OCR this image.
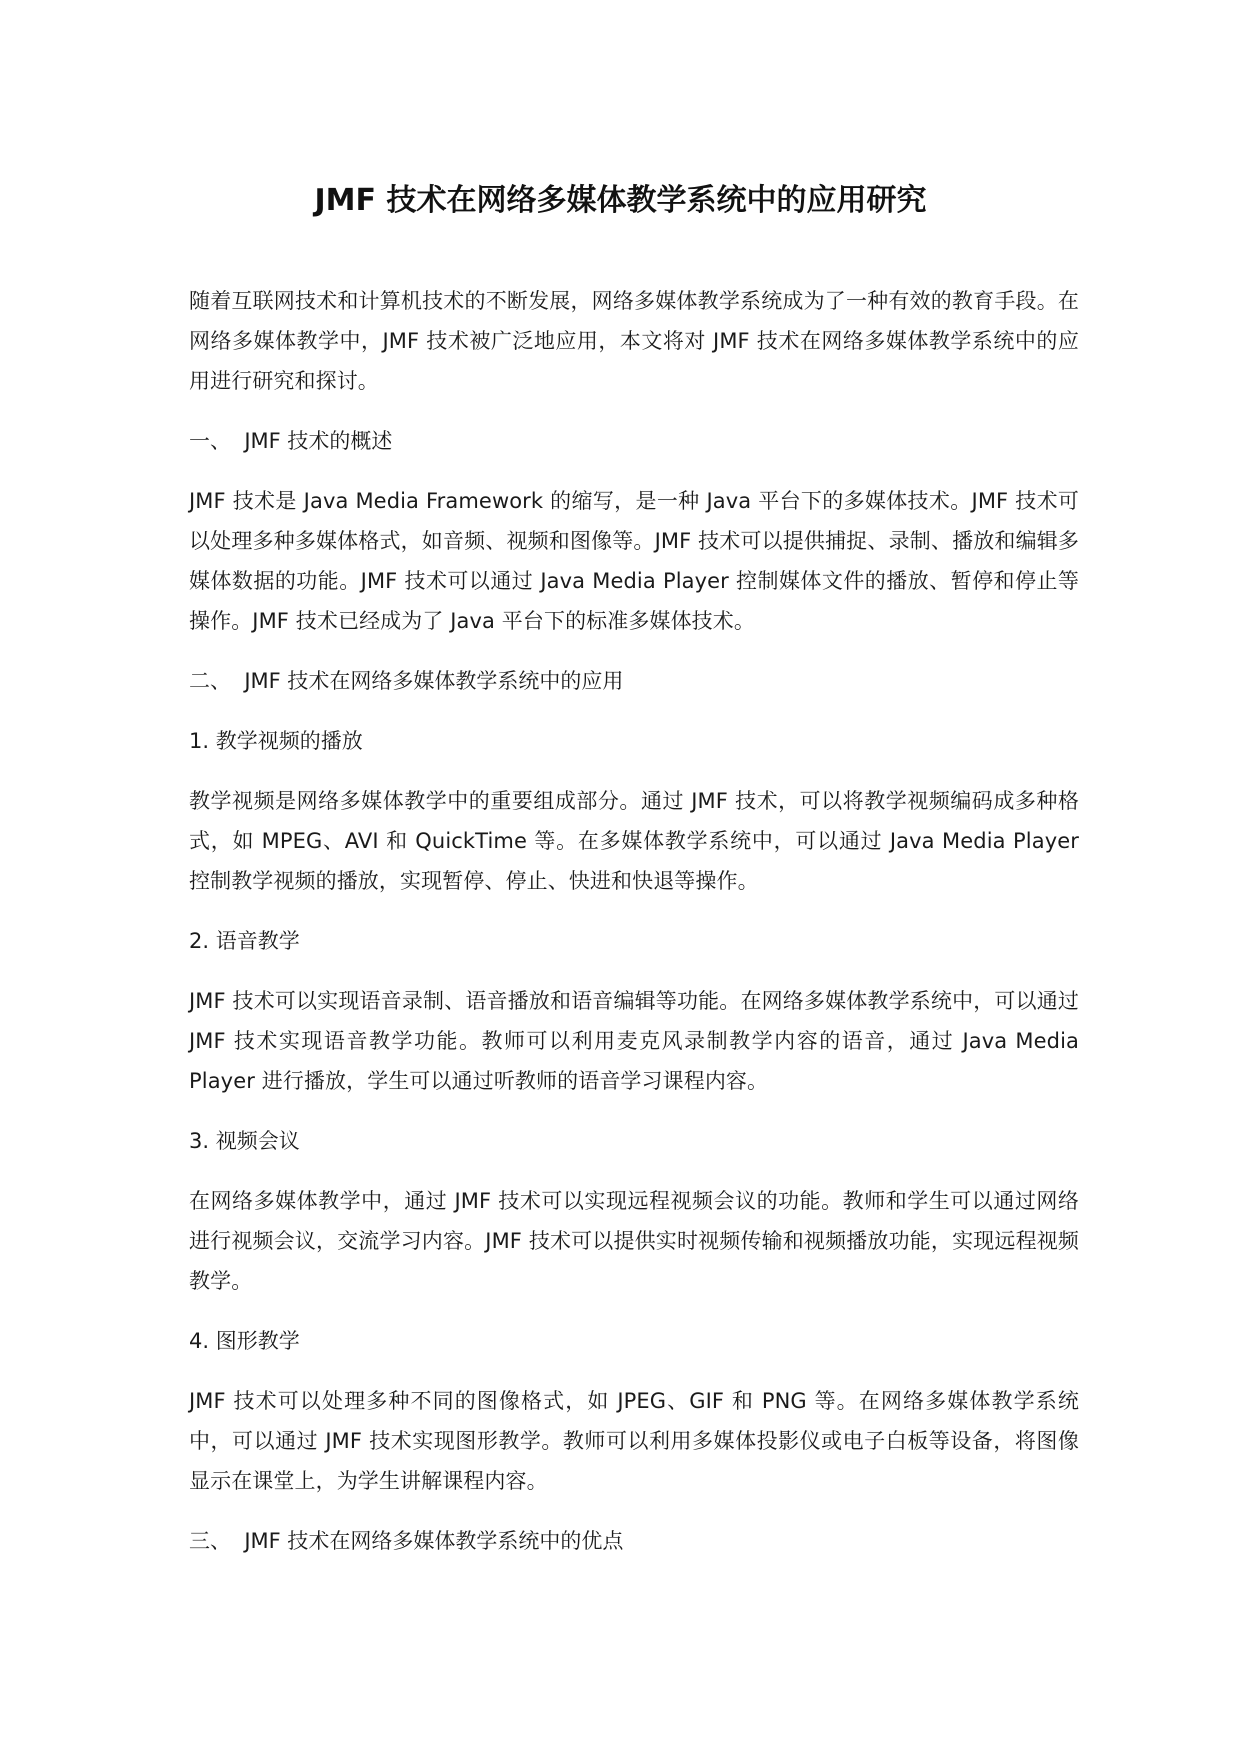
JMF 技术在网络多媒体教学系统中的应用研究

随着互联网技术和计算机技术的不断发展，网络多媒体教学系统成为了一种有效的教育手段。在网络多媒体教学中，JMF 技术被广泛地应用，本文将对 JMF 技术在网络多媒体教学系统中的应用进行研究和探讨。

一、  JMF 技术的概述

JMF 技术是 Java Media Framework 的缩写，是一种 Java 平台下的多媒体技术。JMF 技术可以处理多种多媒体格式，如音频、视频和图像等。JMF 技术可以提供捕捉、录制、播放和编辑多媒体数据的功能。JMF 技术可以通过 Java Media Player 控制媒体文件的播放、暂停和停止等操作。JMF 技术已经成为了 Java 平台下的标准多媒体技术。

二、  JMF 技术在网络多媒体教学系统中的应用

1. 教学视频的播放

教学视频是网络多媒体教学中的重要组成部分。通过 JMF 技术，可以将教学视频编码成多种格式，如 MPEG、AVI 和 QuickTime 等。在多媒体教学系统中，可以通过 Java Media Player 控制教学视频的播放，实现暂停、停止、快进和快退等操作。

2. 语音教学

JMF 技术可以实现语音录制、语音播放和语音编辑等功能。在网络多媒体教学系统中，可以通过 JMF 技术实现语音教学功能。教师可以利用麦克风录制教学内容的语音，通过 Java Media Player 进行播放，学生可以通过听教师的语音学习课程内容。

3. 视频会议

在网络多媒体教学中，通过 JMF 技术可以实现远程视频会议的功能。教师和学生可以通过网络进行视频会议，交流学习内容。JMF 技术可以提供实时视频传输和视频播放功能，实现远程视频教学。

4. 图形教学

JMF 技术可以处理多种不同的图像格式，如 JPEG、GIF 和 PNG 等。在网络多媒体教学系统中，可以通过 JMF 技术实现图形教学。教师可以利用多媒体投影仪或电子白板等设备，将图像显示在课堂上，为学生讲解课程内容。

三、  JMF 技术在网络多媒体教学系统中的优点
